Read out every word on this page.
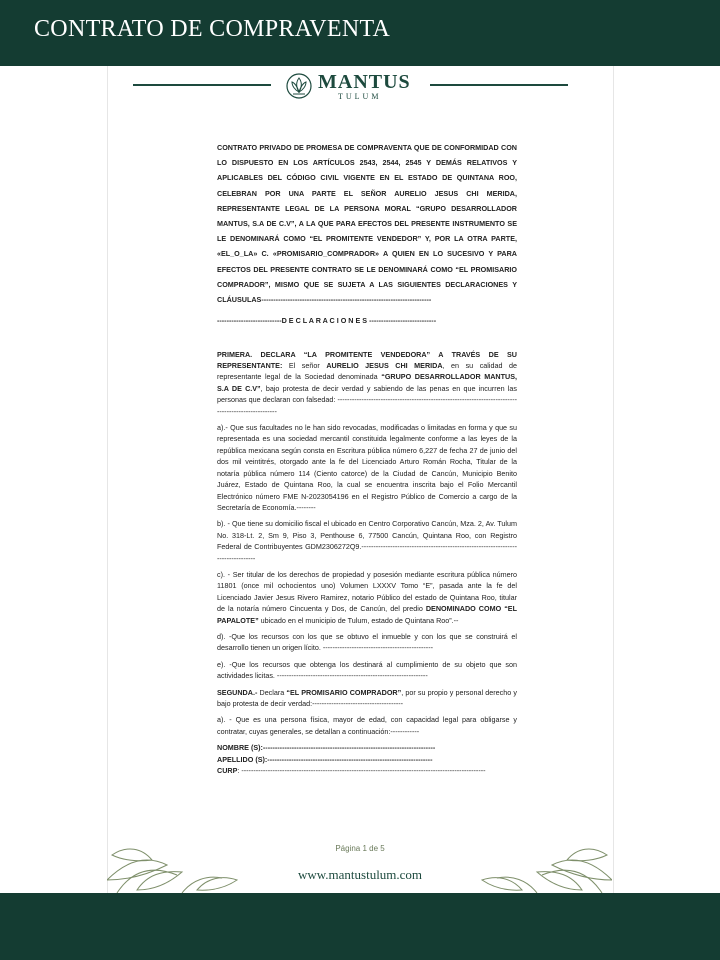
CONTRATO DE COMPRAVENTA
MANTUS
TULUM

CONTRATO PRIVADO DE PROMESA DE COMPRAVENTA QUE DE CONFORMIDAD CON LO DISPUESTO EN LOS ARTÍCULOS 2543, 2544, 2545 Y DEMÁS RELATIVOS Y APLICABLES DEL CÓDIGO CIVIL VIGENTE EN EL ESTADO DE QUINTANA ROO, CELEBRAN POR UNA PARTE EL SEÑOR AURELIO JESUS CHI MERIDA, REPRESENTANTE LEGAL DE LA PERSONA MORAL “GRUPO DESARROLLADOR MANTUS, S.A DE C.V”, A LA QUE PARA EFECTOS DEL PRESENTE INSTRUMENTO SE LE DENOMINARÁ COMO “EL PROMITENTE VENDEDOR” Y, POR LA OTRA PARTE, «EL_O_LA» C. «PROMISARIO_COMPRADOR» A QUIEN EN LO SUCESIVO Y PARA EFECTOS DEL PRESENTE CONTRATO SE LE DENOMINARÁ COMO “EL PROMISARIO COMPRADOR”, MISMO QUE SE SUJETA A LAS SIGUIENTES DECLARACIONES Y CLÁUSULAS-----------------------------------------------------------------------

---------------------------D E C L A R A C I O N E S ----------------------------

PRIMERA. DECLARA “LA PROMITENTE VENDEDORA” A TRAVÉS DE SU REPRESENTANTE: El señor AURELIO JESUS CHI MERIDA, en su calidad de representante legal de la Sociedad denominada “GRUPO DESARROLLADOR MANTUS, S.A DE C.V”, bajo protesta de decir verdad y sabiendo de las penas en que incurren las personas que declaran con falsedad: ----------------------------------------------------------------------------------------------------

a).- Que sus facultades no le han sido revocadas, modificadas o limitadas en forma y que su representada es una sociedad mercantil constituida legalmente conforme a las leyes de la república mexicana según consta en Escritura pública número 6,227 de fecha 27 de junio del dos mil veintitrés, otorgado ante la fe del Licenciado Arturo Román Rocha, Titular de la notaría pública número 114 (Ciento catorce) de la Ciudad de Cancún, Municipio Benito Juárez, Estado de Quintana Roo, la cual se encuentra inscrita bajo el Folio Mercantil Electrónico número FME N-2023054196 en el Registro Público de Comercio a cargo de la Secretaría de Economía.--------

b). - Que tiene su domicilio fiscal el ubicado en Centro Corporativo Cancún, Mza. 2, Av. Tulum No. 318-Lt. 2, Sm 9, Piso 3, Penthouse 6, 77500 Cancún, Quintana Roo, con Registro Federal de Contribuyentes GDM2306272Q9.---------------------------------------------------------------------------------

c). - Ser titular de los derechos de propiedad y posesión mediante escritura pública número 11801 (once mil ochocientos uno) Volumen LXXXV Tomo “E”, pasada ante la fe del Licenciado Javier Jesus Rivero Ramirez, notario Público del estado de Quintana Roo, titular de la notaría número Cincuenta y Dos, de Cancún, del predio DENOMINADO COMO “EL PAPALOTE” ubicado en el municipio de Tulum, estado de Quintana Roo”.--

d). -Que los recursos con los que se obtuvo el inmueble y con los que se construirá el desarrollo tienen un origen lícito. ----------------------------------------------

e). -Que los recursos que obtenga los destinará al cumplimiento de su objeto que son actividades licitas. ---------------------------------------------------------------

SEGUNDA.- Declara “EL PROMISARIO COMPRADOR”, por su propio y personal derecho y bajo protesta de decir verdad:--------------------------------------

a). - Que es una persona física, mayor de edad, con capacidad legal para obligarse y contratar, cuyas generales, se detallan a continuación:------------

NOMBRE (S):------------------------------------------------------------------------

APELLIDO (S):---------------------------------------------------------------------

CURP: ------------------------------------------------------------------------------------------------------

Página 1 de 5
www.mantustulum.com
